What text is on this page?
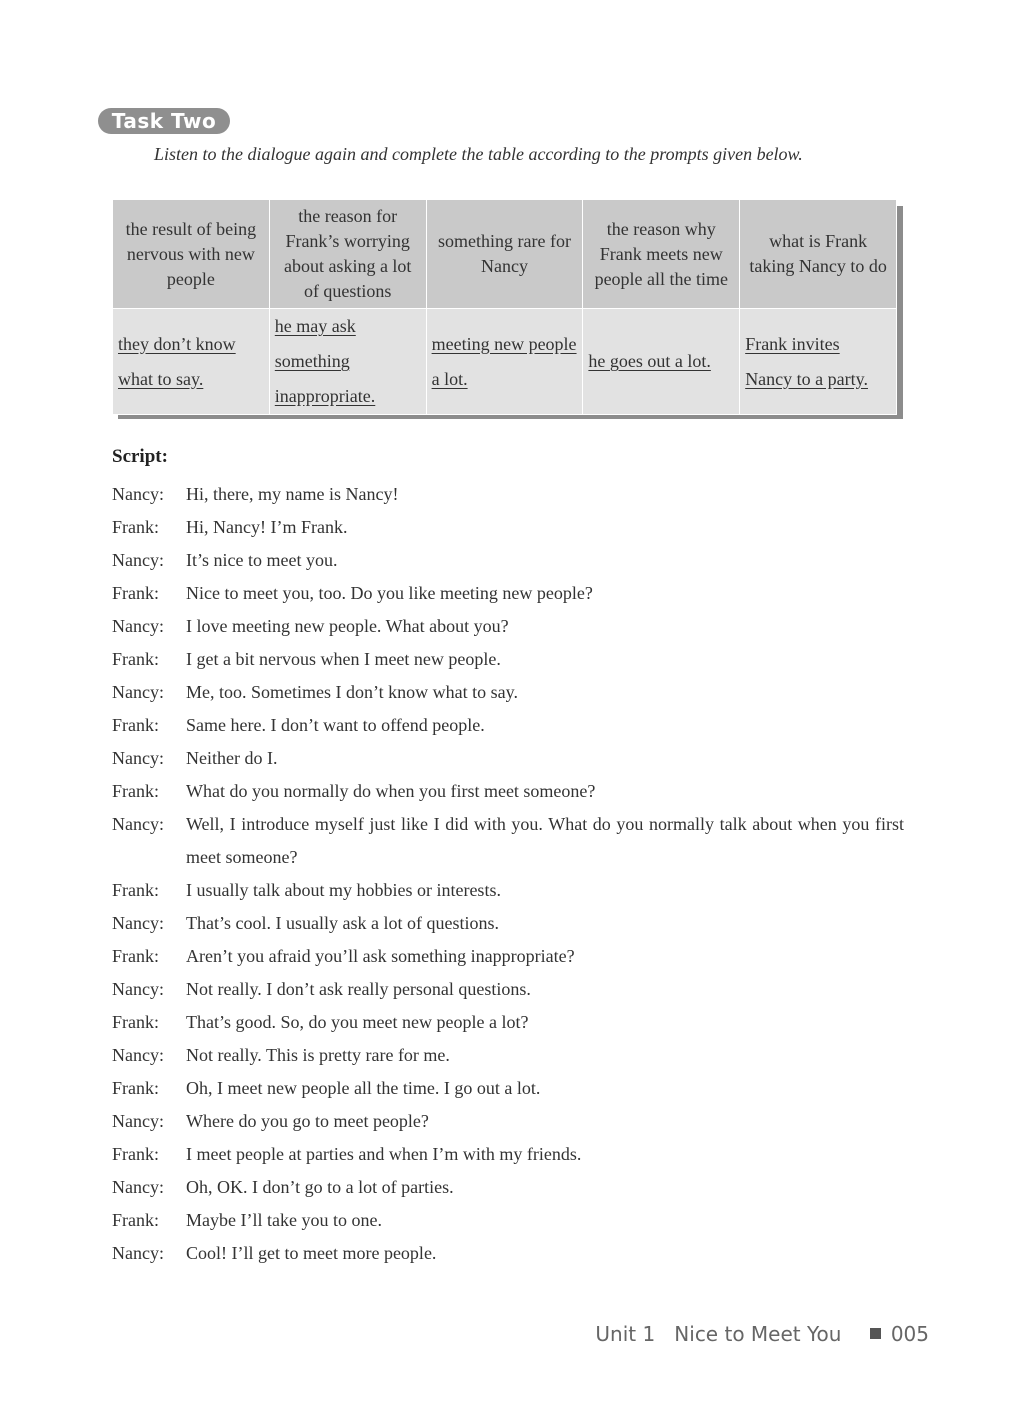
Task Two
Listen to the dialogue again and complete the table according to the prompts given below.
the result of being nervous with new people	the reason for Frank’s worrying about asking a lot of questions	something rare for Nancy	the reason why Frank meets new people all the time	what is Frank taking Nancy to do

they don’t know what to say.	he may ask something inappropriate.	meeting new people a lot.	he goes out a lot.	Frank invites Nancy to a party.
Script:
Nancy:	Hi, there, my name is Nancy!
Frank:	Hi, Nancy! I’m Frank.
Nancy:	It’s nice to meet you.
Frank:	Nice to meet you, too. Do you like meeting new people?
Nancy:	I love meeting new people. What about you?
Frank:	I get a bit nervous when I meet new people.
Nancy:	Me, too. Sometimes I don’t know what to say.
Frank:	Same here. I don’t want to offend people.
Nancy:	Neither do I.
Frank:	What do you normally do when you first meet someone?
Nancy:	Well, I introduce myself just like I did with you. What do you normally talk about when you first meet someone?
Frank:	I usually talk about my hobbies or interests.
Nancy:	That’s cool. I usually ask a lot of questions.
Frank:	Aren’t you afraid you’ll ask something inappropriate?
Nancy:	Not really. I don’t ask really personal questions.
Frank:	That’s good. So, do you meet new people a lot?
Nancy:	Not really. This is pretty rare for me.
Frank:	Oh, I meet new people all the time. I go out a lot.
Nancy:	Where do you go to meet people?
Frank:	I meet people at parties and when I’m with my friends.
Nancy:	Oh, OK. I don’t go to a lot of parties.
Frank:	Maybe I’ll take you to one.
Nancy:	Cool! I’ll get to meet more people.
Unit 1 Nice to Meet You 005
